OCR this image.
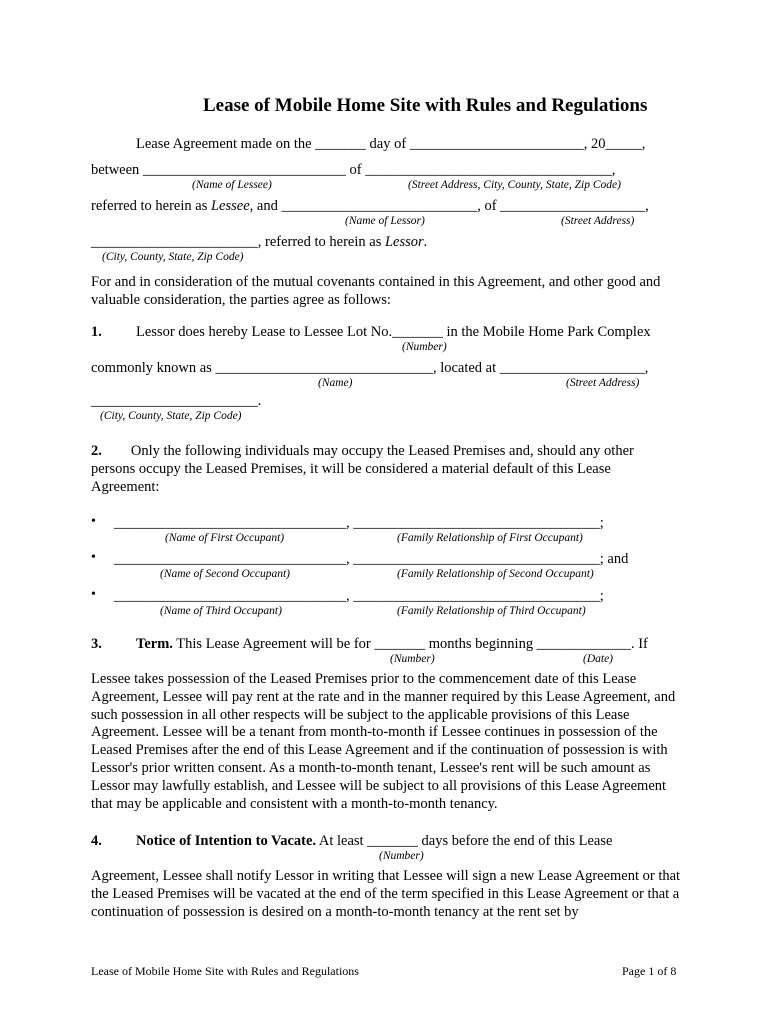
Lease of Mobile Home Site with Rules and Regulations
Lease Agreement made on the _______ day of ________________________, 20_____,
between ____________________________ of __________________________________,
(Name of Lessee)	(Street Address, City, County, State, Zip Code)
referred to herein as Lessee, and ___________________________, of ____________________,
(Name of Lessor)	(Street Address)
_______________________, referred to herein as Lessor.
(City, County, State, Zip Code)
For and in consideration of the mutual covenants contained in this Agreement, and other good and valuable consideration, the parties agree as follows:
1. Lessor does hereby Lease to Lessee Lot No._______ in the Mobile Home Park Complex
(Number)
commonly known as ______________________________, located at ____________________,
(Name)	(Street Address)
_______________________.
(City, County, State, Zip Code)
2. Only the following individuals may occupy the Leased Premises and, should any other
persons occupy the Leased Premises, it will be considered a material default of this Lease Agreement:
• ________________________________, __________________________________;
(Name of First Occupant)	(Family Relationship of First Occupant)
• ________________________________, __________________________________; and
(Name of Second Occupant)	(Family Relationship of Second Occupant)
• ________________________________, __________________________________;
(Name of Third Occupant)	(Family Relationship of Third Occupant)
3. Term. This Lease Agreement will be for _______ months beginning _____________. If
(Number)	(Date)
Lessee takes possession of the Leased Premises prior to the commencement date of this Lease Agreement, Lessee will pay rent at the rate and in the manner required by this Lease Agreement, and such possession in all other respects will be subject to the applicable provisions of this Lease Agreement. Lessee will be a tenant from month-to-month if Lessee continues in possession of the Leased Premises after the end of this Lease Agreement and if the continuation of possession is with Lessor's prior written consent. As a month-to-month tenant, Lessee's rent will be such amount as Lessor may lawfully establish, and Lessee will be subject to all provisions of this Lease Agreement that may be applicable and consistent with a month-to-month tenancy.
4. Notice of Intention to Vacate. At least _______ days before the end of this Lease
(Number)
Agreement, Lessee shall notify Lessor in writing that Lessee will sign a new Lease Agreement or that the Leased Premises will be vacated at the end of the term specified in this Lease Agreement or that a continuation of possession is desired on a month-to-month tenancy at the rent set by
Lease of Mobile Home Site with Rules and Regulations	Page 1 of 8
